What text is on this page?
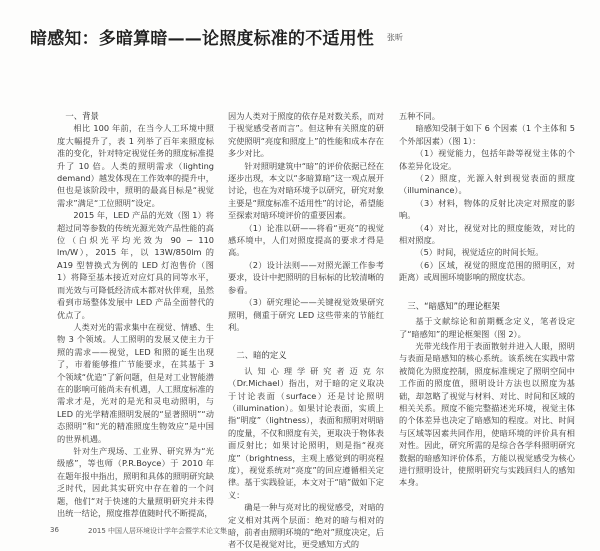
暗感知：多暗算暗——论照度标准的不适用性 张昕
一、背景

相比 100 年前，在当今人工环境中照度大幅提升了，表 1 列举了百年来照度标准的变化，针对特定视觉任务的照度标准提升了 10 倍。人类的照明需求（lighting demand）越发体现在工作效率的提升中，但也是该阶段中，照明的最高目标是“视觉需求”满足“工位照明”设定。

2015 年，LED 产品的光效（图 1）将超过同等参数的传统光源光效产品性能的高位（白炽光平均光效为 90 ~ 110 lm/W），2015 年，以 13W/850lm 的 A19 型替换式为例的 LED 灯泡售价（图 1）将降至基本接近对应灯具的同等水平，而光效与可降低经济成本都对伙伴观，虽然看到市场整体发展中 LED 产品全面替代的优点了。

人类对光的需求集中在视觉、情感、生物 3 个领域。人工照明的发展又使主力于照的需求——视觉，LED 和照的诞生出现了，市着能够推广节能要求，在其基于 3 个领域“优造”了新问题，但是对工业智能潜在的影响可能尚未有机遇，人工照度标准的需求才是，光对的是光和灵电动照明，与 LED 的光学精准照明发展的“显著照明”“动态照明”和“光的精准照度生物效应”是中国的世界机遇。

针对生产现场、工业界、研究界为“光级感”，等也师（P.R.Boyce）于 2010 年在题年报中指出，照明和具体的照明研究缺乏时代，因此其实研究中存在着的一个问题，他们“对于快速的大量照明研究并未得出统一结论，照度推荐值随时代不断提高，

因为人类对于照度的依存是对数关系，而对于视觉感受者而言”。但这种有关照度的研究使照明“亮度和照度上”的性能和成本存在多少对比。

针对照明建筑中“暗”的评价依据已经在逐步出现，本文以“多暗算暗”这一观点展开讨论，也在为对暗环境予以研究，研究对象主要是“照度标准不适用性”的讨论，希望能至探索对暗环境评价的重要因素。

（1）论准以研——将看“更亮”的视觉感环境中，人们对照度提高的要求才得是高。

（2）设计法则——对照光源工作参考要求，设计中把照明的目标标的比较清晰的参看。

（3）研究理论——关键视觉效果研究照明，侧重于研究 LED 这些带来的节能红利。

二、暗的定义

认知心理学研究者迈克尔（Dr.Michael）指出，对于暗的定义取决于讨论表面（surface）还是讨论照明（illumination）。如果讨论表面，实质上指“明度”（lightness），表面和照明对明暗的度量，不仅和照度有关，更取决于物体表面反射比；如果讨论照明，则是指“视亮度”（brightness，主观上感觉到的明亮程度），视觉系统对“亮度”的回应遵循相关定律。基于实践验证，本文对于“暗”做如下定义：

确是一种与亮对比的视觉感受，对暗的定义相对其两个层面：绝对的暗与相对的暗，前者由照明环境的“绝对”照度决定，后者不仅是视觉对比，更受感知方式的

五种不同。

暗感知受制于如下 6 个因素（1 个主体和 5 个外部因素）（图 1）：

（1）视觉能力，包括年龄等视觉主体的个体差异化设定。

（2）照度，光源入射到视觉表面的照度（illuminance）。

（3）材料，物体的反射比决定对照度的影响。

（4）对比，视觉对比的照度能效，对比的相对照度。

（5）时间，视觉适应的时间长短。

（6）区域，视觉的照度范围的照明区，对距离）或周围环境影响的照度状态。

三、“暗感知”的理论框架

基于文献综论和前期概念定义，笔者设定了“暗感知”的理论框架图（图 2）。

光带光线作用于表面散射并进入人眼，照明与表面是暗感知的核心系统。该系统在实践中常被简化为照度控制，照度标准规定了照明空间中工作面的照度值，照明设计方法也以照度为基础，却忽略了视觉与材料、对比、时间和区域的相关关系。照度不能完整描述光环境，视觉主体的个体差异也决定了暗感知的程度。对比、时间与区域等因素共同作用，使暗环境的评价具有相对性。因此，研究所需的是综合各学科照明研究数据的暗感知评价体系，方能以视觉感受为核心进行照明设计，使照明研究与实践回归人的感知本身。

36	2015 中国人居环境设计学年会暨学术论文集
